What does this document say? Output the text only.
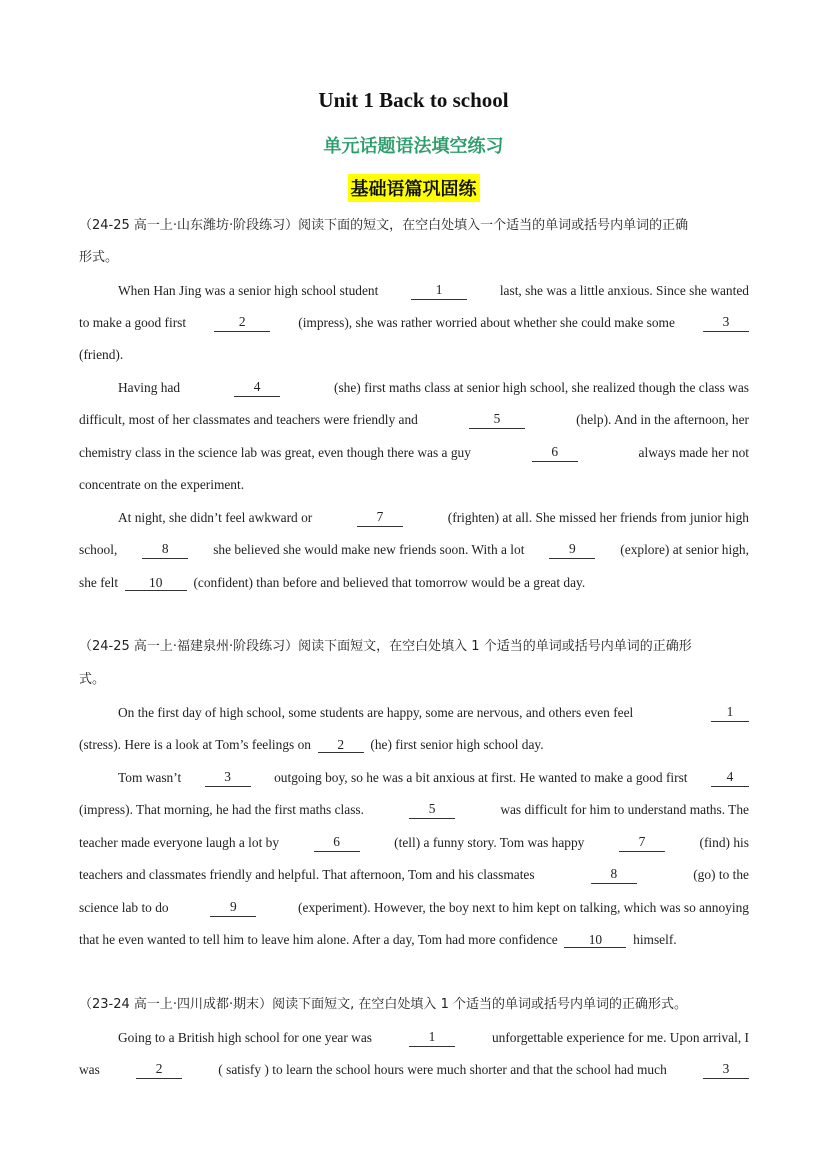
Unit 1 Back to school
单元话题语法填空练习
基础语篇巩固练
（24-25 高一上·山东潍坊·阶段练习）阅读下面的短文，在空白处填入一个适当的单词或括号内单词的正确
形式。
When Han Jing was a senior high school student	1	last, she was a little anxious. Since she wanted
to make a good first	2	(impress), she was rather worried about whether she could make some	3
(friend).
Having had	4	(she) first maths class at senior high school, she realized though the class was
difficult, most of her classmates and teachers were friendly and	5	(help). And in the afternoon, her
chemistry class in the science lab was great, even though there was a guy	6	always made her not
concentrate on the experiment.
At night, she didn’t feel awkward or	7	(frighten) at all. She missed her friends from junior high
school,	8	she believed she would make new friends soon. With a lot	9	(explore) at senior high,
she felt 10 (confident) than before and believed that tomorrow would be a great day.
（24-25 高一上·福建泉州·阶段练习）阅读下面短文，在空白处填入 1 个适当的单词或括号内单词的正确形
式。
On the first day of high school, some students are happy, some are nervous, and others even feel	1
(stress). Here is a look at Tom’s feelings on 2 (he) first senior high school day.
Tom wasn’t	3	outgoing boy, so he was a bit anxious at first. He wanted to make a good first	4
(impress). That morning, he had the first maths class.	5	was difficult for him to understand maths. The
teacher made everyone laugh a lot by	6	(tell) a funny story. Tom was happy	7	(find) his
teachers and classmates friendly and helpful. That afternoon, Tom and his classmates	8	(go) to the
science lab to do	9	(experiment). However, the boy next to him kept on talking, which was so annoying
that he even wanted to tell him to leave him alone. After a day, Tom had more confidence 10 himself.
（23-24 高一上·四川成都·期末）阅读下面短文, 在空白处填入 1 个适当的单词或括号内单词的正确形式。
Going to a British high school for one year was	1	unforgettable experience for me. Upon arrival, I
was	2	( satisfy ) to learn the school hours were much shorter and that the school had much	3
